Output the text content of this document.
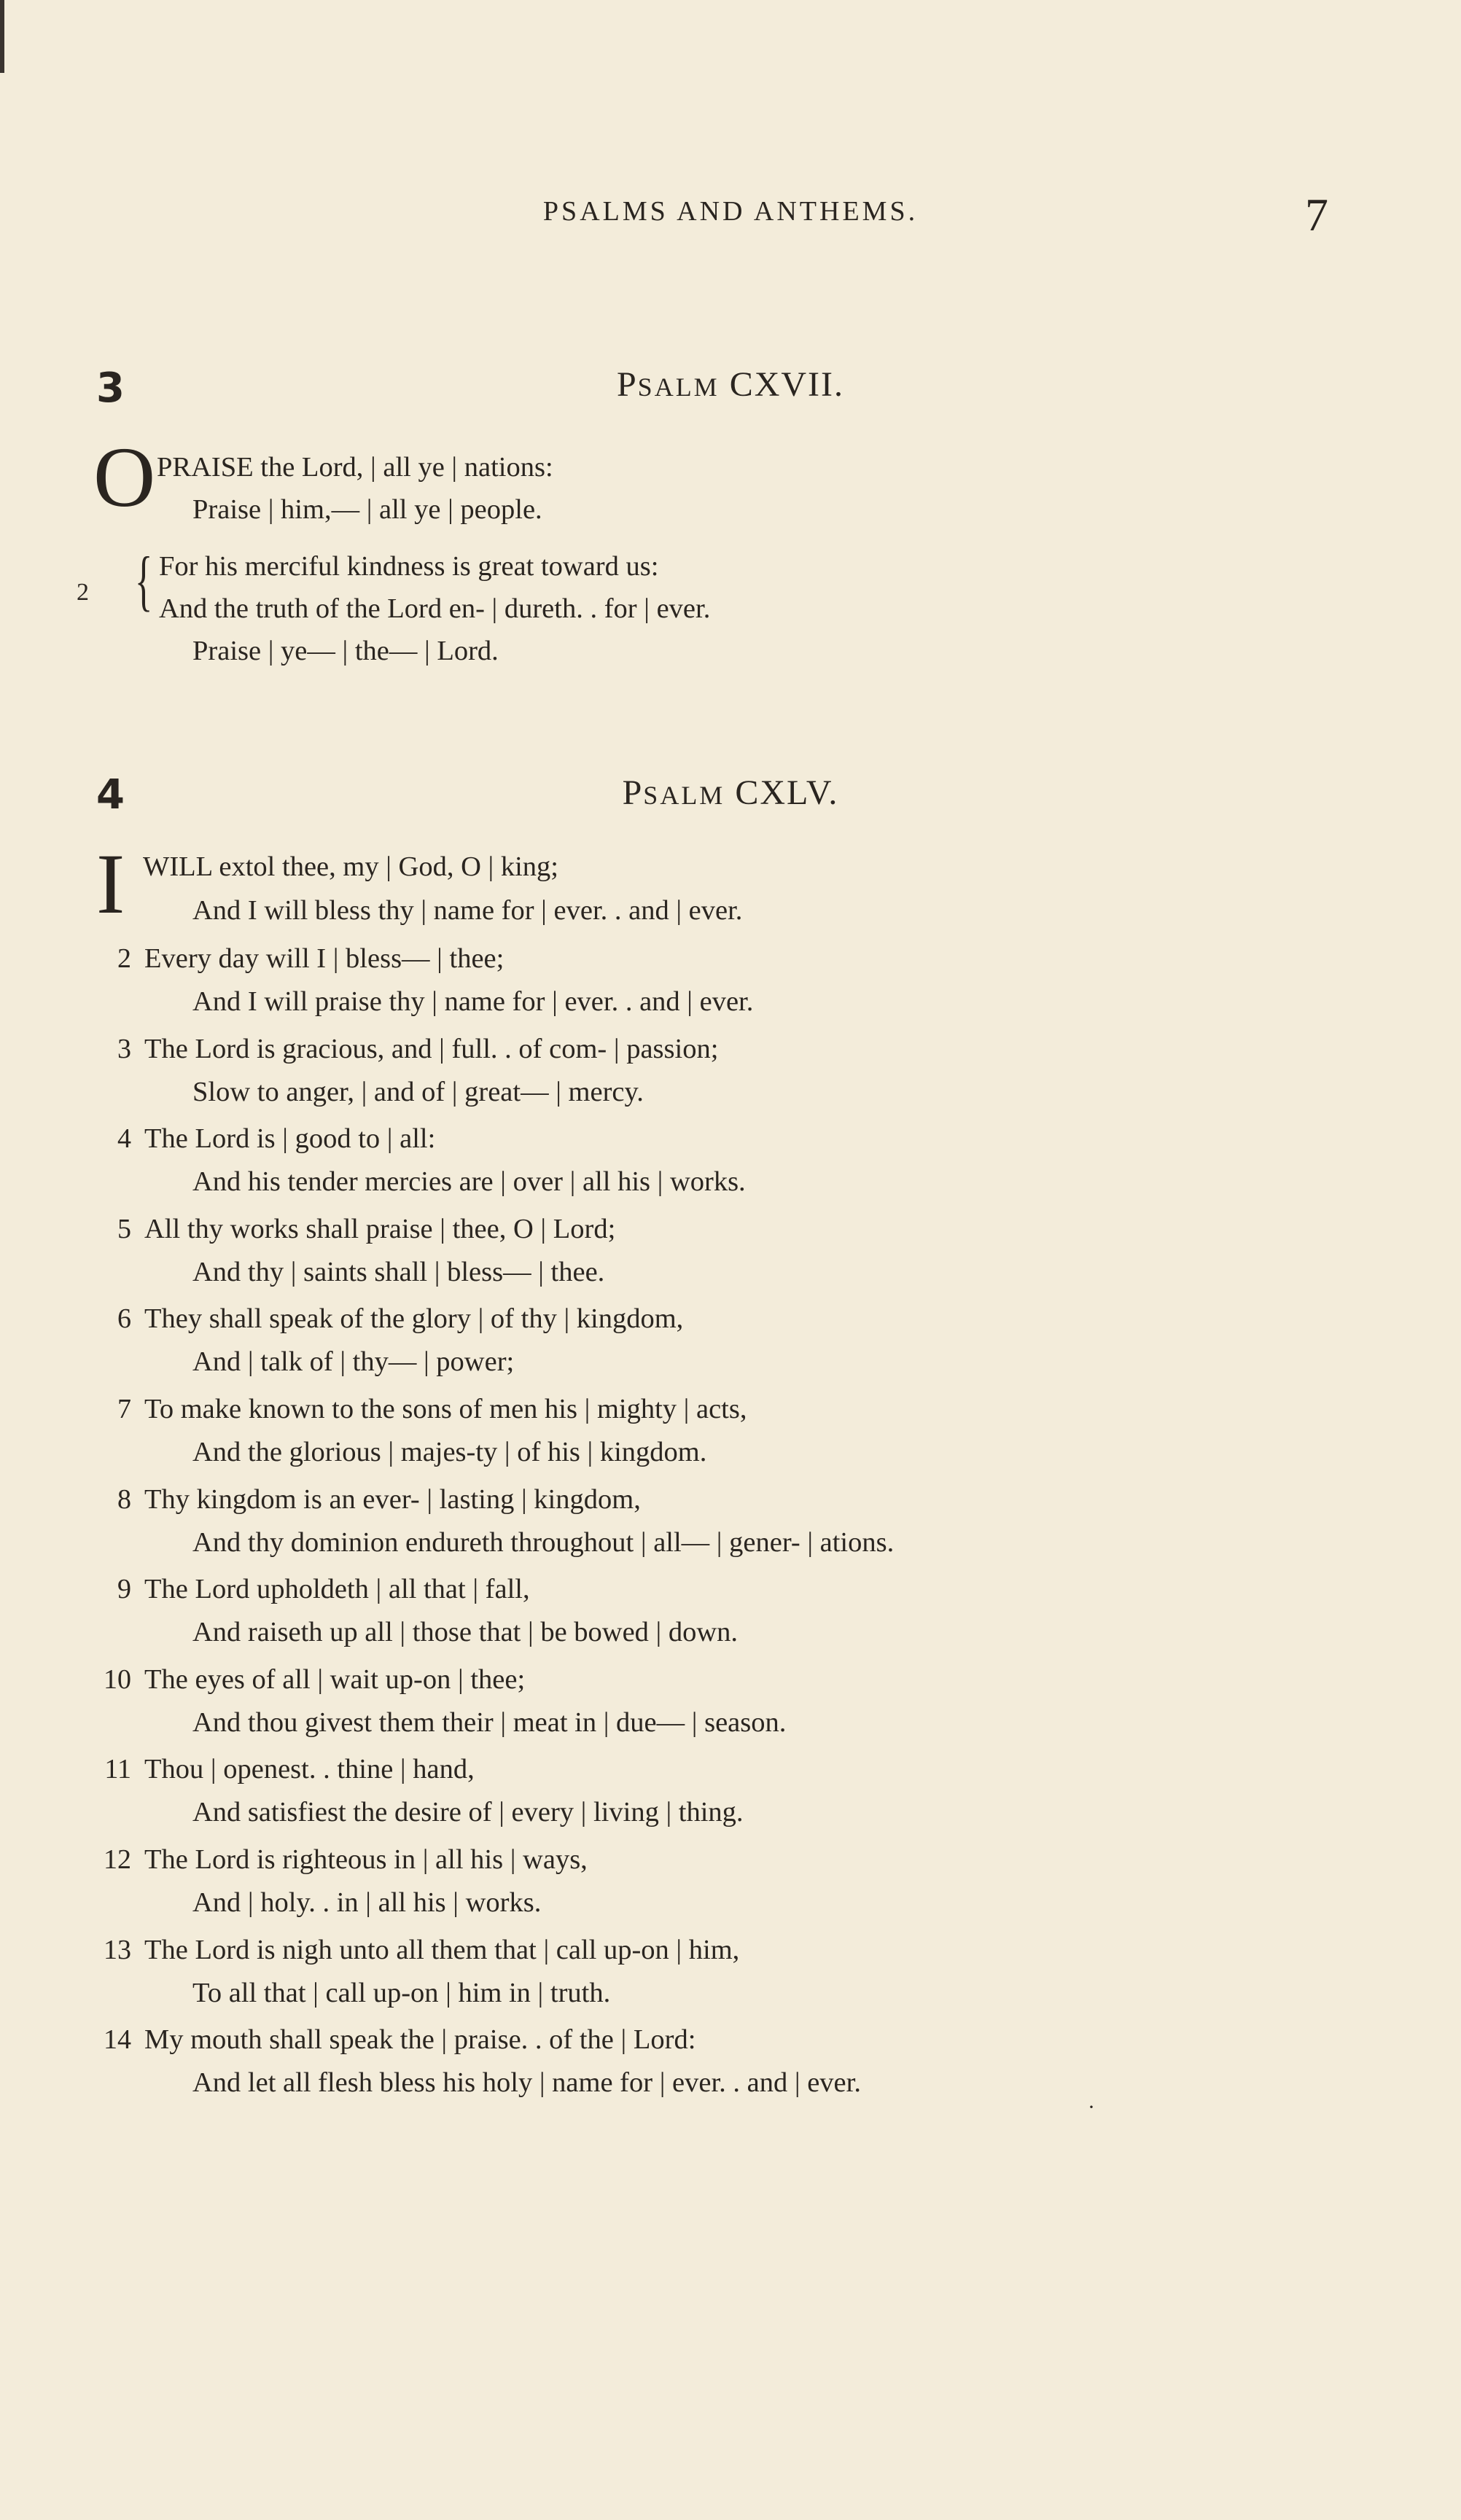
PSALMS AND ANTHEMS.	7
3	PSALM CXVII.
O PRAISE the Lord, | all ye | nations:
Praise | him,— | all ye | people.
2 { For his merciful kindness is great toward us:
And the truth of the Lord en- | dureth. . for | ever.
Praise | ye— | the— | Lord.
4	PSALM CXLV.
I WILL extol thee, my | God, O | king;
And I will bless thy | name for | ever. . and | ever.
2 Every day will I | bless— | thee;
And I will praise thy | name for | ever. . and | ever.
3 The Lord is gracious, and | full. . of com- | passion;
Slow to anger, | and of | great— | mercy.
4 The Lord is | good to | all:
And his tender mercies are | over | all his | works.
5 All thy works shall praise | thee, O | Lord;
And thy | saints shall | bless— | thee.
6 They shall speak of the glory | of thy | kingdom,
And | talk of | thy— | power;
7 To make known to the sons of men his | mighty | acts,
And the glorious | majes-ty | of his | kingdom.
8 Thy kingdom is an ever- | lasting | kingdom,
And thy dominion endureth throughout | all— | gener- | ations.
9 The Lord upholdeth | all that | fall,
And raiseth up all | those that | be bowed | down.
10 The eyes of all | wait up-on | thee;
And thou givest them their | meat in | due— | season.
11 Thou | openest. . thine | hand,
And satisfiest the desire of | every | living | thing.
12 The Lord is righteous in | all his | ways,
And | holy. . in | all his | works.
13 The Lord is nigh unto all them that | call up-on | him,
To all that | call up-on | him in | truth.
14 My mouth shall speak the | praise. . of the | Lord:
And let all flesh bless his holy | name for | ever. . and | ever.
·
